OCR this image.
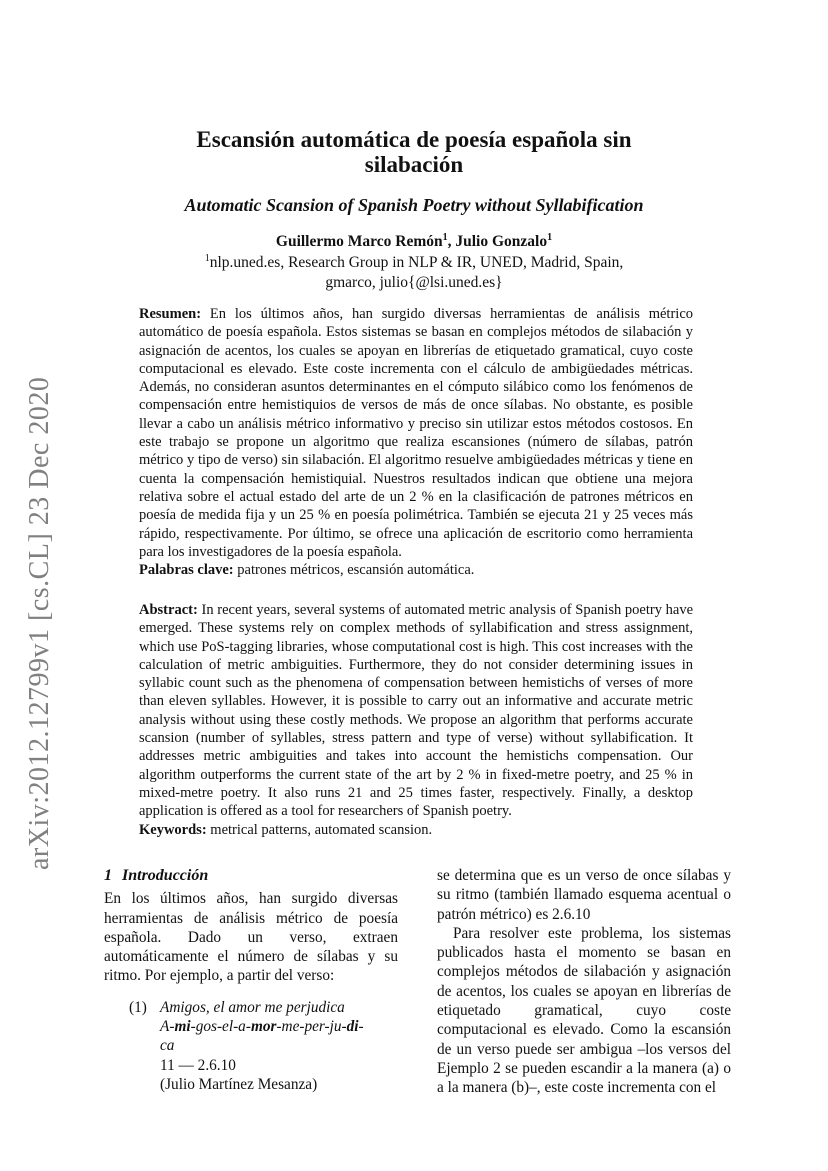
arXiv:2012.12799v1 [cs.CL] 23 Dec 2020
Escansión automática de poesía española sin
silabación
Automatic Scansion of Spanish Poetry without Syllabification
Guillermo Marco Remón$^1$, Julio Gonzalo$^1$
$^1$nlp.uned.es, Research Group in NLP & IR, UNED, Madrid, Spain,
gmarco, julio{@lsi.uned.es}

Resumen: En los últimos años, han surgido diversas herramientas de análisis métrico automático de poesía española. Estos sistemas se basan en complejos métodos de silabación y asignación de acentos, los cuales se apoyan en librerías de etiquetado gramatical, cuyo coste computacional es elevado. Este coste incrementa con el cálculo de ambigüedades métricas. Además, no consideran asuntos determinantes en el cómputo silábico como los fenómenos de compensación entre hemistiquios de versos de más de once sílabas. No obstante, es posible llevar a cabo un análisis métrico informativo y preciso sin utilizar estos métodos costosos. En este trabajo se propone un algoritmo que realiza escansiones (número de sílabas, patrón métrico y tipo de verso) sin silabación. El algoritmo resuelve ambigüedades métricas y tiene en cuenta la compensación hemistiquial. Nuestros resultados indican que obtiene una mejora relativa sobre el actual estado del arte de un 2 % en la clasificación de patrones métricos en poesía de medida fija y un 25 % en poesía polimétrica. También se ejecuta 21 y 25 veces más rápido, respectivamente. Por último, se ofrece una aplicación de escritorio como herramienta para los investigadores de la poesía española.

Palabras clave: patrones métricos, escansión automática.

Abstract: In recent years, several systems of automated metric analysis of Spanish poetry have emerged. These systems rely on complex methods of syllabification and stress assignment, which use PoS-tagging libraries, whose computational cost is high. This cost increases with the calculation of metric ambiguities. Furthermore, they do not consider determining issues in syllabic count such as the phenomena of compensation between hemistichs of verses of more than eleven syllables. However, it is possible to carry out an informative and accurate metric analysis without using these costly methods. We propose an algorithm that performs accurate scansion (number of syllables, stress pattern and type of verse) without syllabification. It addresses metric ambiguities and takes into account the hemistichs compensation. Our algorithm outperforms the current state of the art by 2 % in fixed-metre poetry, and 25 % in mixed-metre poetry. It also runs 21 and 25 times faster, respectively. Finally, a desktop application is offered as a tool for researchers of Spanish poetry.

Keywords: metrical patterns, automated scansion.

1 Introducción

En los últimos años, han surgido diversas herramientas de análisis métrico de poesía española. Dado un verso, extraen automáticamente el número de sílabas y su ritmo. Por ejemplo, a partir del verso:

(1) Amigos, el amor me perjudica
A-mi-gos-el-a-mor-me-per-ju-di-
ca
11 — 2.6.10
(Julio Martínez Mesanza)

se determina que es un verso de once sílabas y su ritmo (también llamado esquema acentual o patrón métrico) es 2.6.10

Para resolver este problema, los sistemas publicados hasta el momento se basan en complejos métodos de silabación y asignación de acentos, los cuales se apoyan en librerías de etiquetado gramatical, cuyo coste computacional es elevado. Como la escansión de un verso puede ser ambigua –los versos del Ejemplo 2 se pueden escandir a la manera (a) o a la manera (b)–, este coste incrementa con el
